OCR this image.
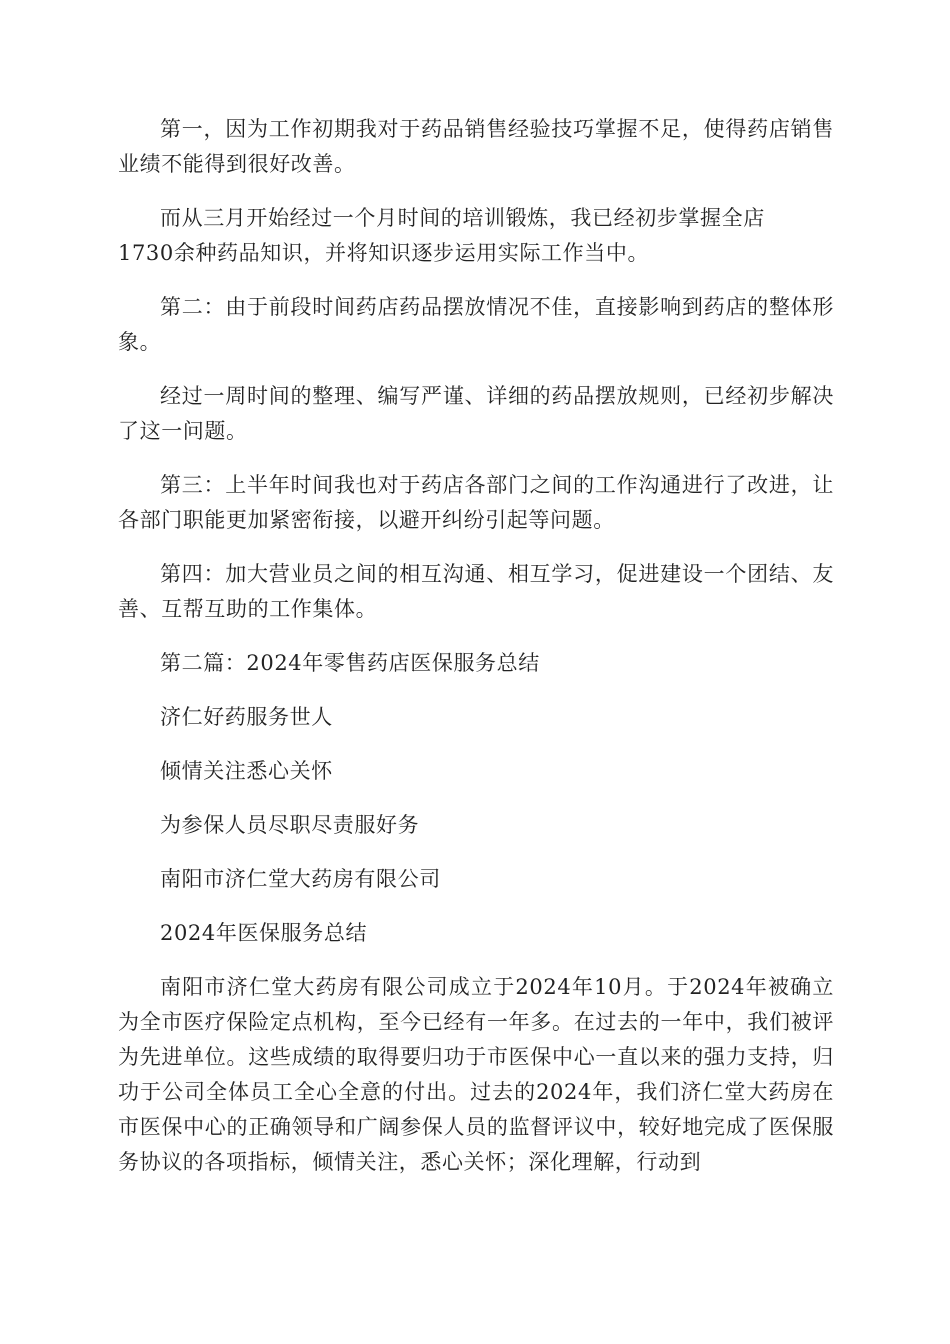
第一，因为工作初期我对于药品销售经验技巧掌握不足，使得药店销售业绩不能得到很好改善。

而从三月开始经过一个月时间的培训锻炼，我已经初步掌握全店
1730余种药品知识，并将知识逐步运用实际工作当中。

第二：由于前段时间药店药品摆放情况不佳，直接影响到药店的整体形象。

经过一周时间的整理、编写严谨、详细的药品摆放规则，已经初步解决了这一问题。

第三：上半年时间我也对于药店各部门之间的工作沟通进行了改进，让各部门职能更加紧密衔接，以避开纠纷引起等问题。

第四：加大营业员之间的相互沟通、相互学习，促进建设一个团结、友善、互帮互助的工作集体。

第二篇：2024年零售药店医保服务总结

济仁好药服务世人

倾情关注悉心关怀

为参保人员尽职尽责服好务

南阳市济仁堂大药房有限公司

2024年医保服务总结

南阳市济仁堂大药房有限公司成立于2024年10月。于2024年被确立为全市医疗保险定点机构，至今已经有一年多。在过去的一年中，我们被评为先进单位。这些成绩的取得要归功于市医保中心一直以来的强力支持，归功于公司全体员工全心全意的付出。过去的2024年，我们济仁堂大药房在市医保中心的正确领导和广阔参保人员的监督评议中，较好地完成了医保服务协议的各项指标，倾情关注，悉心关怀；深化理解，行动到
